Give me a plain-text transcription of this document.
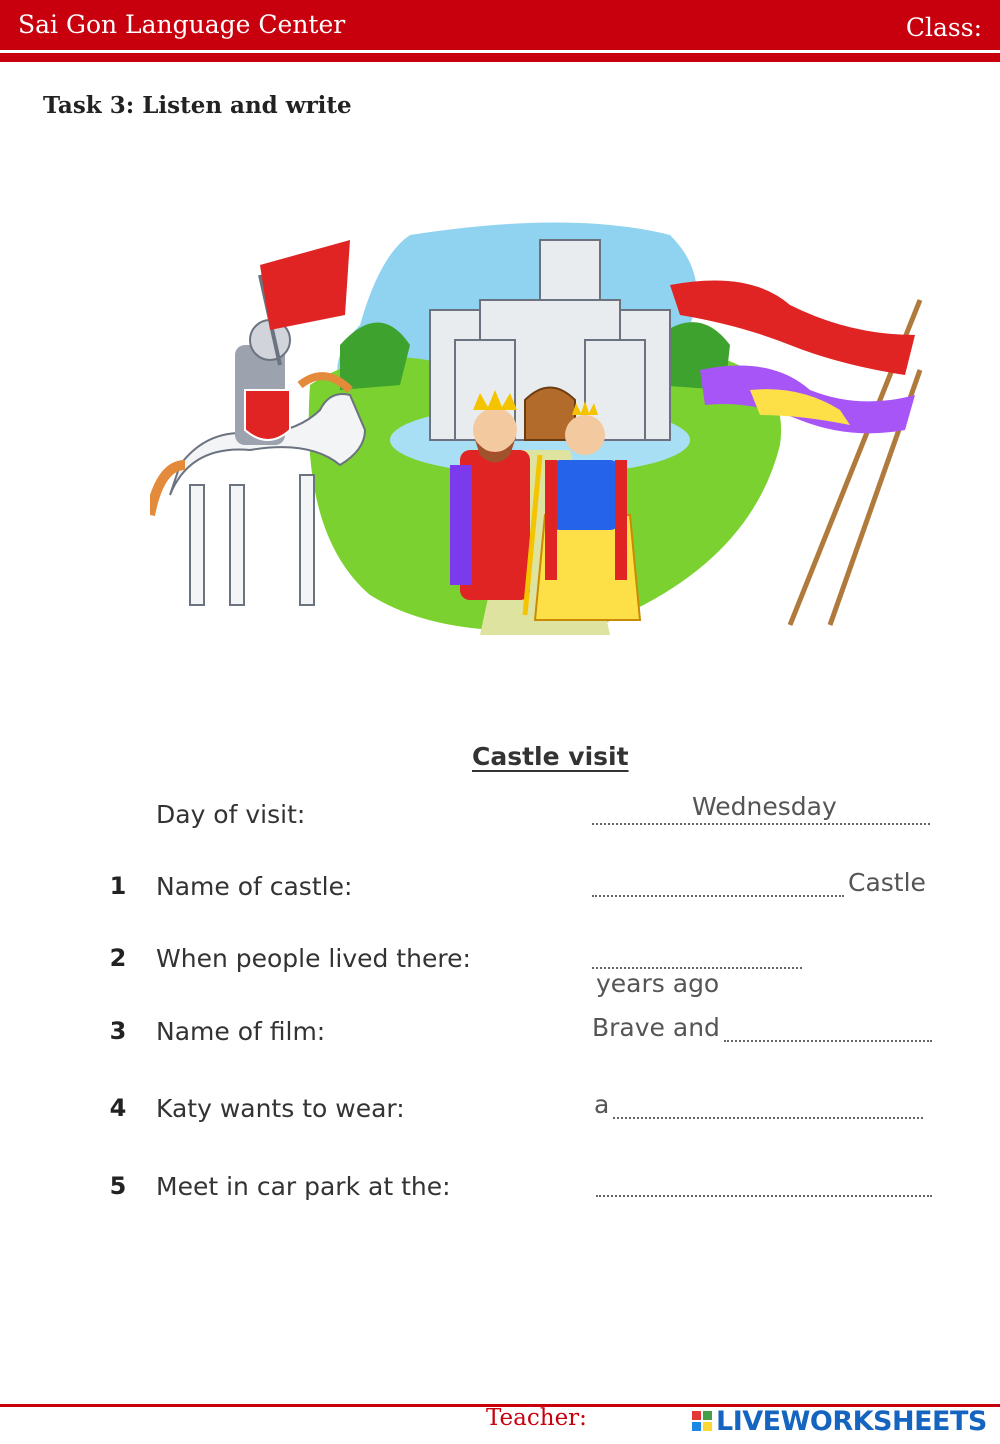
Sai Gon Language Center	Class:
Task 3: Listen and write
Castle visit
Day of visit:	Wednesday
1 Name of castle:	Castle
2 When people lived there:
years ago
3 Name of film:	Brave and
4 Katy wants to wear:	a
5 Meet in car park at the:
Teacher:	LIVEWORKSHEETS
